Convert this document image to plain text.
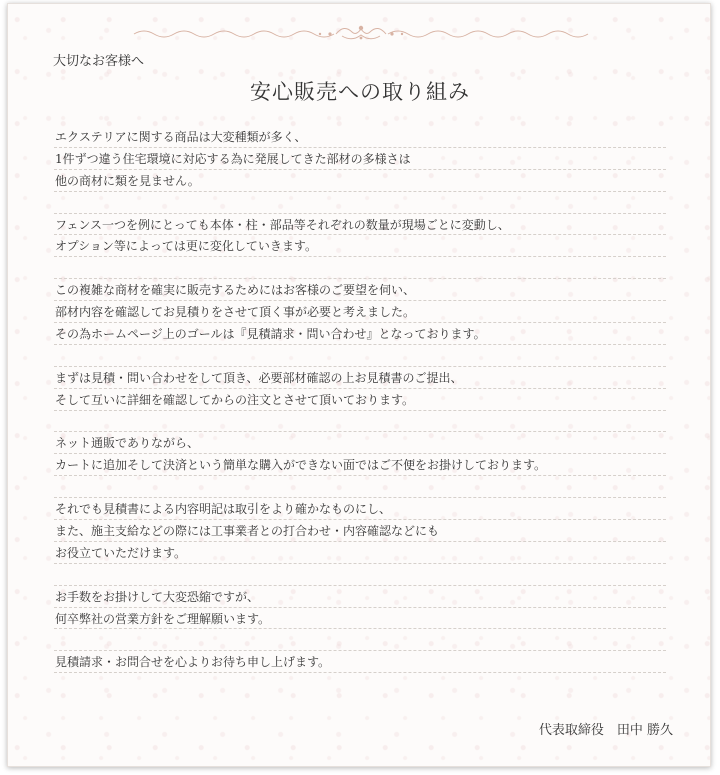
大切なお客様へ

安心販売への取り組み
エクステリアに関する商品は大変種類が多く、
1件ずつ違う住宅環境に対応する為に発展してきた部材の多様さは
他の商材に類を見ません。
フェンス一つを例にとっても本体・柱・部品等それぞれの数量が現場ごとに変動し、
オプション等によっては更に変化していきます。
この複雑な商材を確実に販売するためにはお客様のご要望を伺い、
部材内容を確認してお見積りをさせて頂く事が必要と考えました。
その為ホームページ上のゴールは『見積請求・問い合わせ』となっております。
まずは見積・問い合わせをして頂き、必要部材確認の上お見積書のご提出、
そして互いに詳細を確認してからの注文とさせて頂いております。
ネット通販でありながら、
カートに追加そして決済という簡単な購入ができない面ではご不便をお掛けしております。
それでも見積書による内容明記は取引をより確かなものにし、
また、施主支給などの際には工事業者との打合わせ・内容確認などにも
お役立ていただけます。
お手数をお掛けして大変恐縮ですが、
何卒弊社の営業方針をご理解願います。
見積請求・お問合せを心よりお待ち申し上げます。

代表取締役　田中 勝久
